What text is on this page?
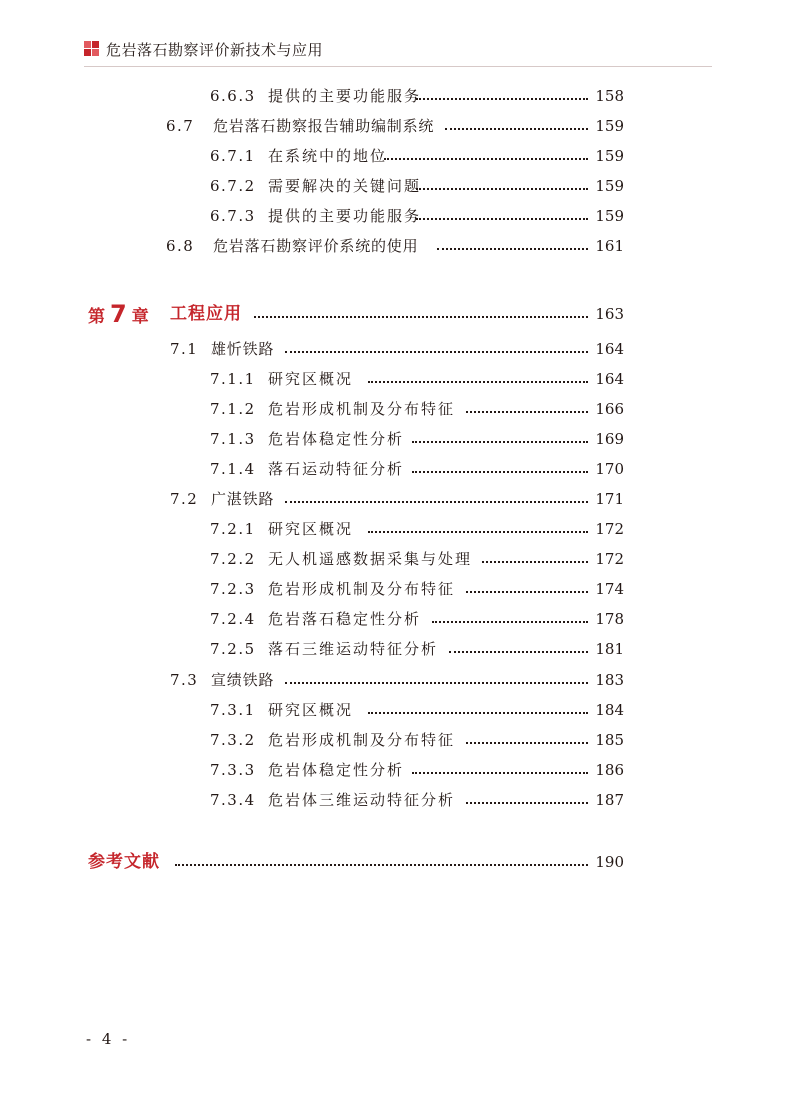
危岩落石勘察评价新技术与应用
6.6.3 提供的主要功能服务	158
6.7 危岩落石勘察报告辅助编制系统	159
6.7.1 在系统中的地位	159
6.7.2 需要解决的关键问题	159
6.7.3 提供的主要功能服务	159
6.8 危岩落石勘察评价系统的使用	161
第 7 章 工程应用	163
7.1 雄忻铁路	164
7.1.1 研究区概况	164
7.1.2 危岩形成机制及分布特征	166
7.1.3 危岩体稳定性分析	169
7.1.4 落石运动特征分析	170
7.2 广湛铁路	171
7.2.1 研究区概况	172
7.2.2 无人机遥感数据采集与处理	172
7.2.3 危岩形成机制及分布特征	174
7.2.4 危岩落石稳定性分析	178
7.2.5 落石三维运动特征分析	181
7.3 宣绩铁路	183
7.3.1 研究区概况	184
7.3.2 危岩形成机制及分布特征	185
7.3.3 危岩体稳定性分析	186
7.3.4 危岩体三维运动特征分析	187
参考文献	190
- 4 -
